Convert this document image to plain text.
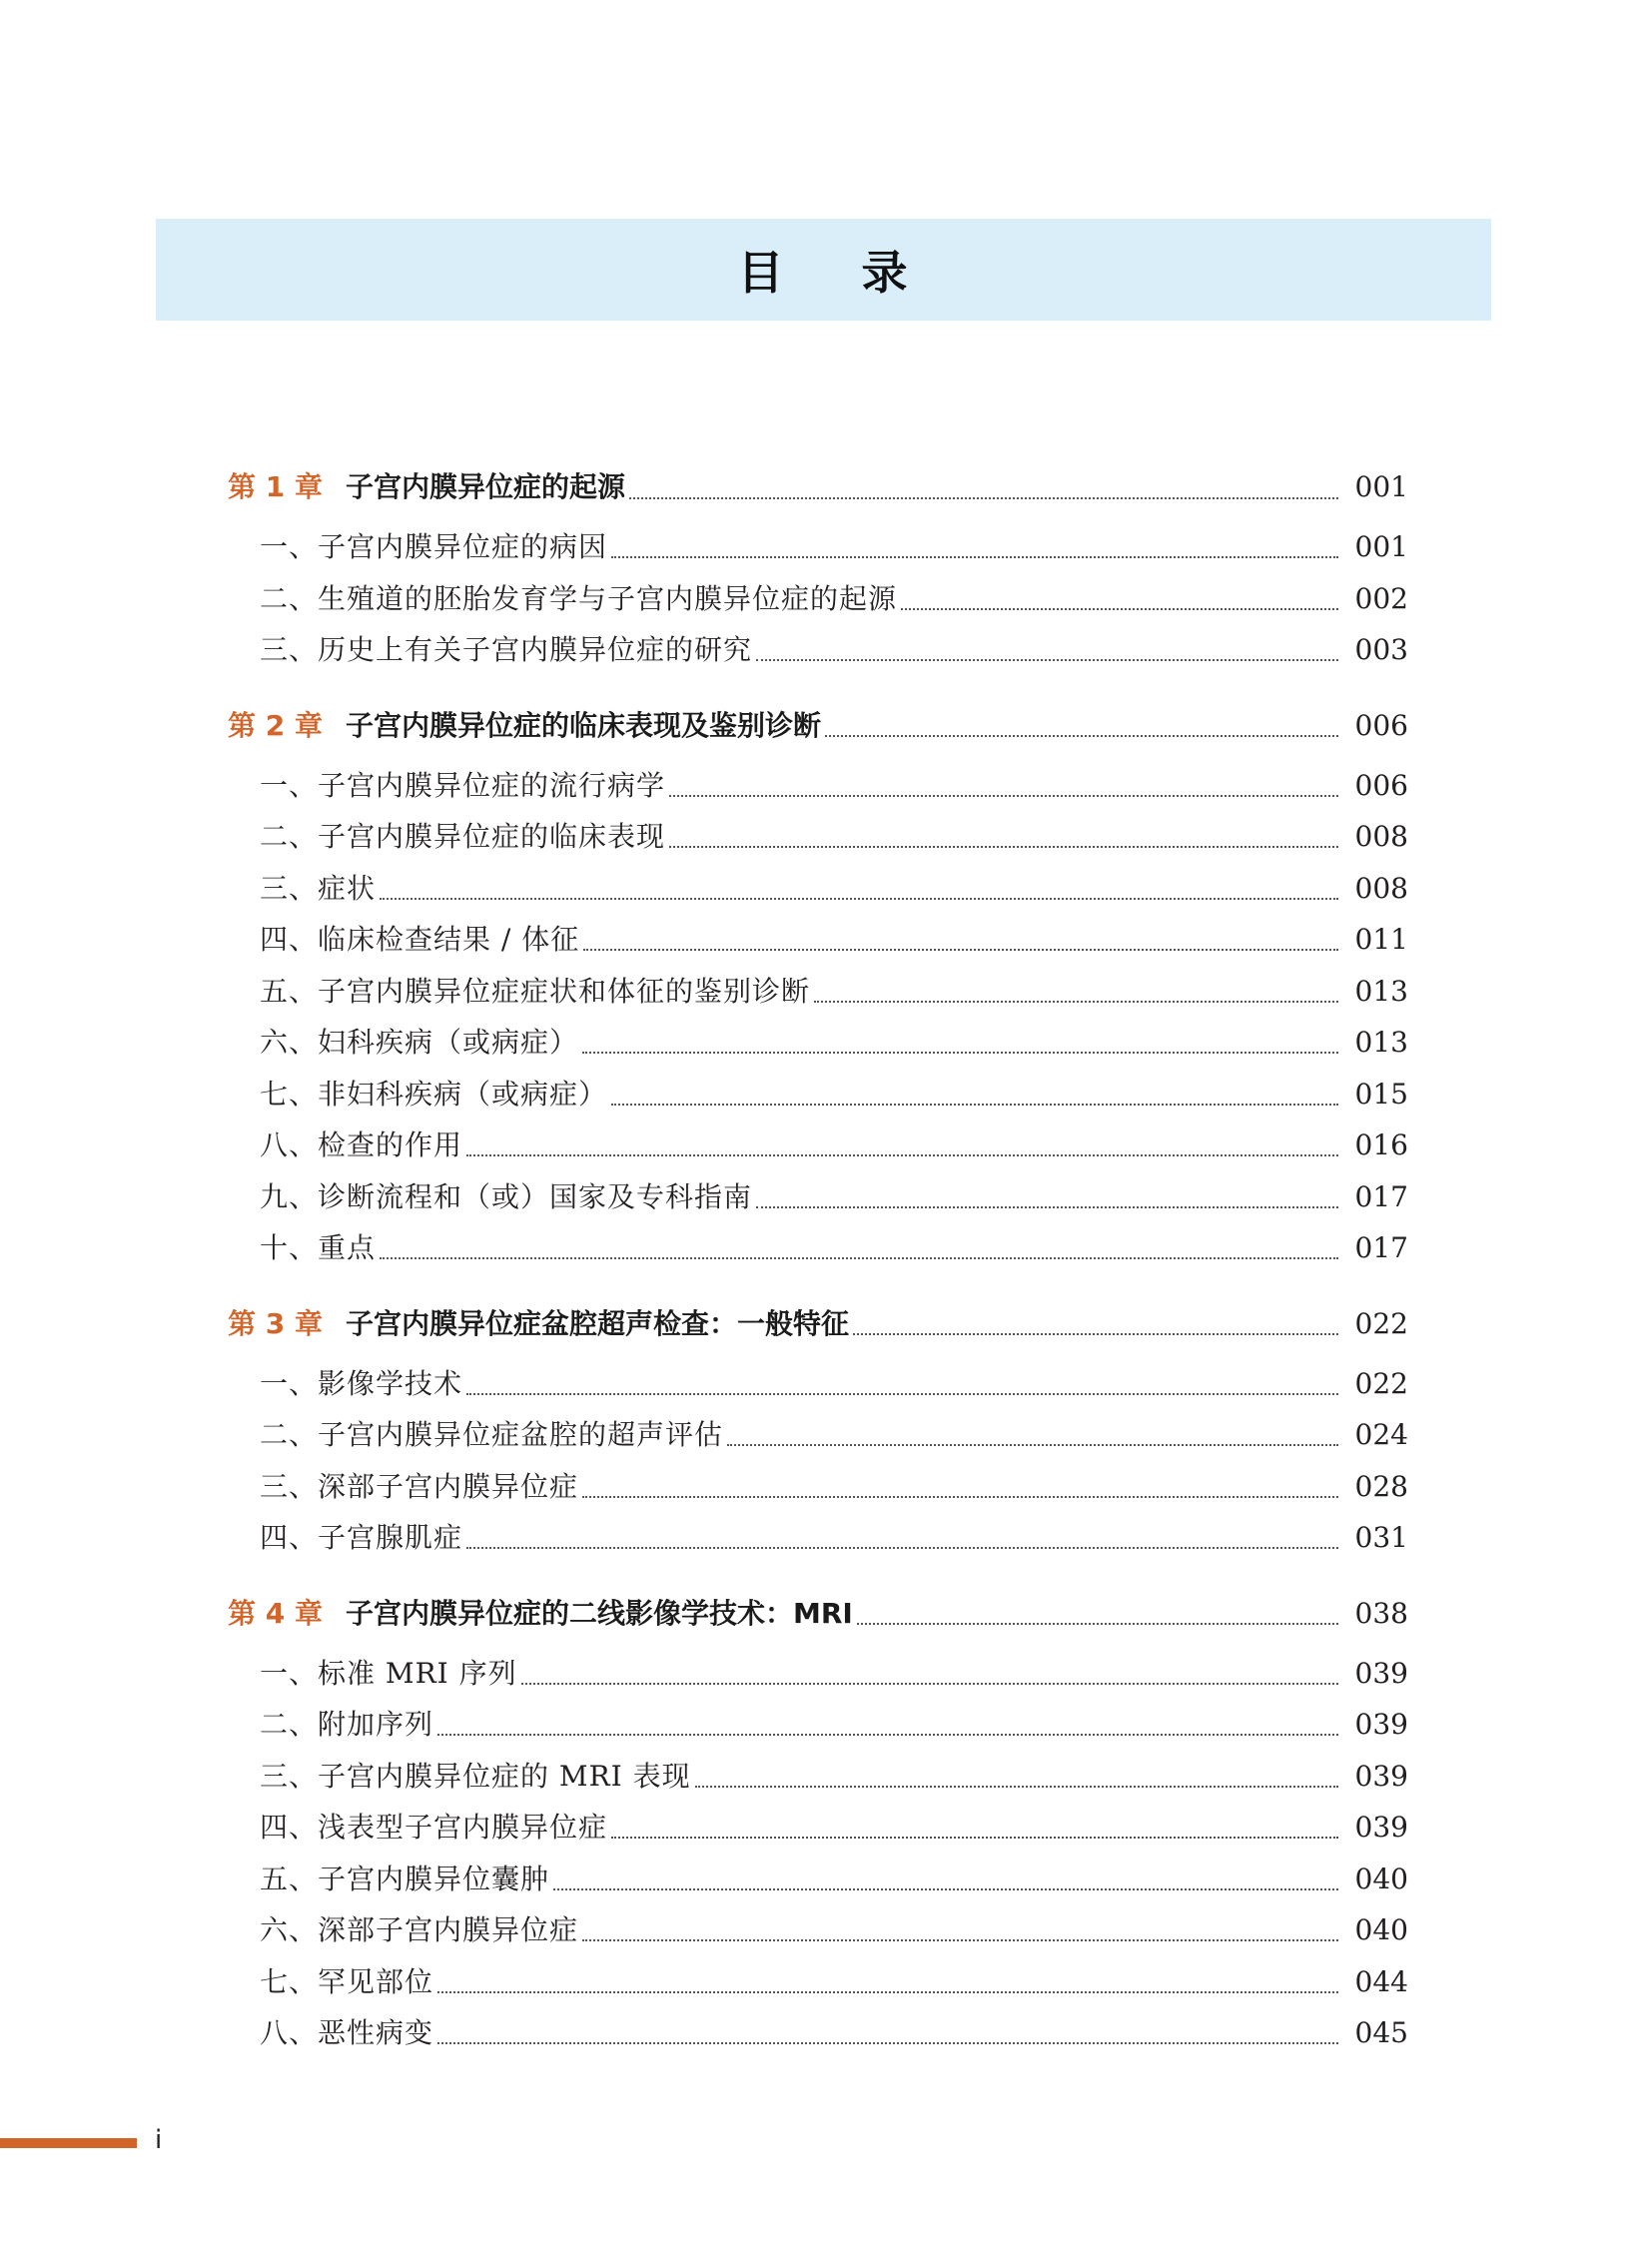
目 录
第 1 章 子宫内膜异位症的起源	001
一、子宫内膜异位症的病因	001
二、生殖道的胚胎发育学与子宫内膜异位症的起源	002
三、历史上有关子宫内膜异位症的研究	003
第 2 章 子宫内膜异位症的临床表现及鉴别诊断	006
一、子宫内膜异位症的流行病学	006
二、子宫内膜异位症的临床表现	008
三、症状	008
四、临床检查结果 / 体征	011
五、子宫内膜异位症症状和体征的鉴别诊断	013
六、妇科疾病（或病症）	013
七、非妇科疾病（或病症）	015
八、检查的作用	016
九、诊断流程和（或）国家及专科指南	017
十、重点	017
第 3 章 子宫内膜异位症盆腔超声检查：一般特征	022
一、影像学技术	022
二、子宫内膜异位症盆腔的超声评估	024
三、深部子宫内膜异位症	028
四、子宫腺肌症	031
第 4 章 子宫内膜异位症的二线影像学技术：MRI	038
一、标准 MRI 序列	039
二、附加序列	039
三、子宫内膜异位症的 MRI 表现	039
四、浅表型子宫内膜异位症	039
五、子宫内膜异位囊肿	040
六、深部子宫内膜异位症	040
七、罕见部位	044
八、恶性病变	045
i
